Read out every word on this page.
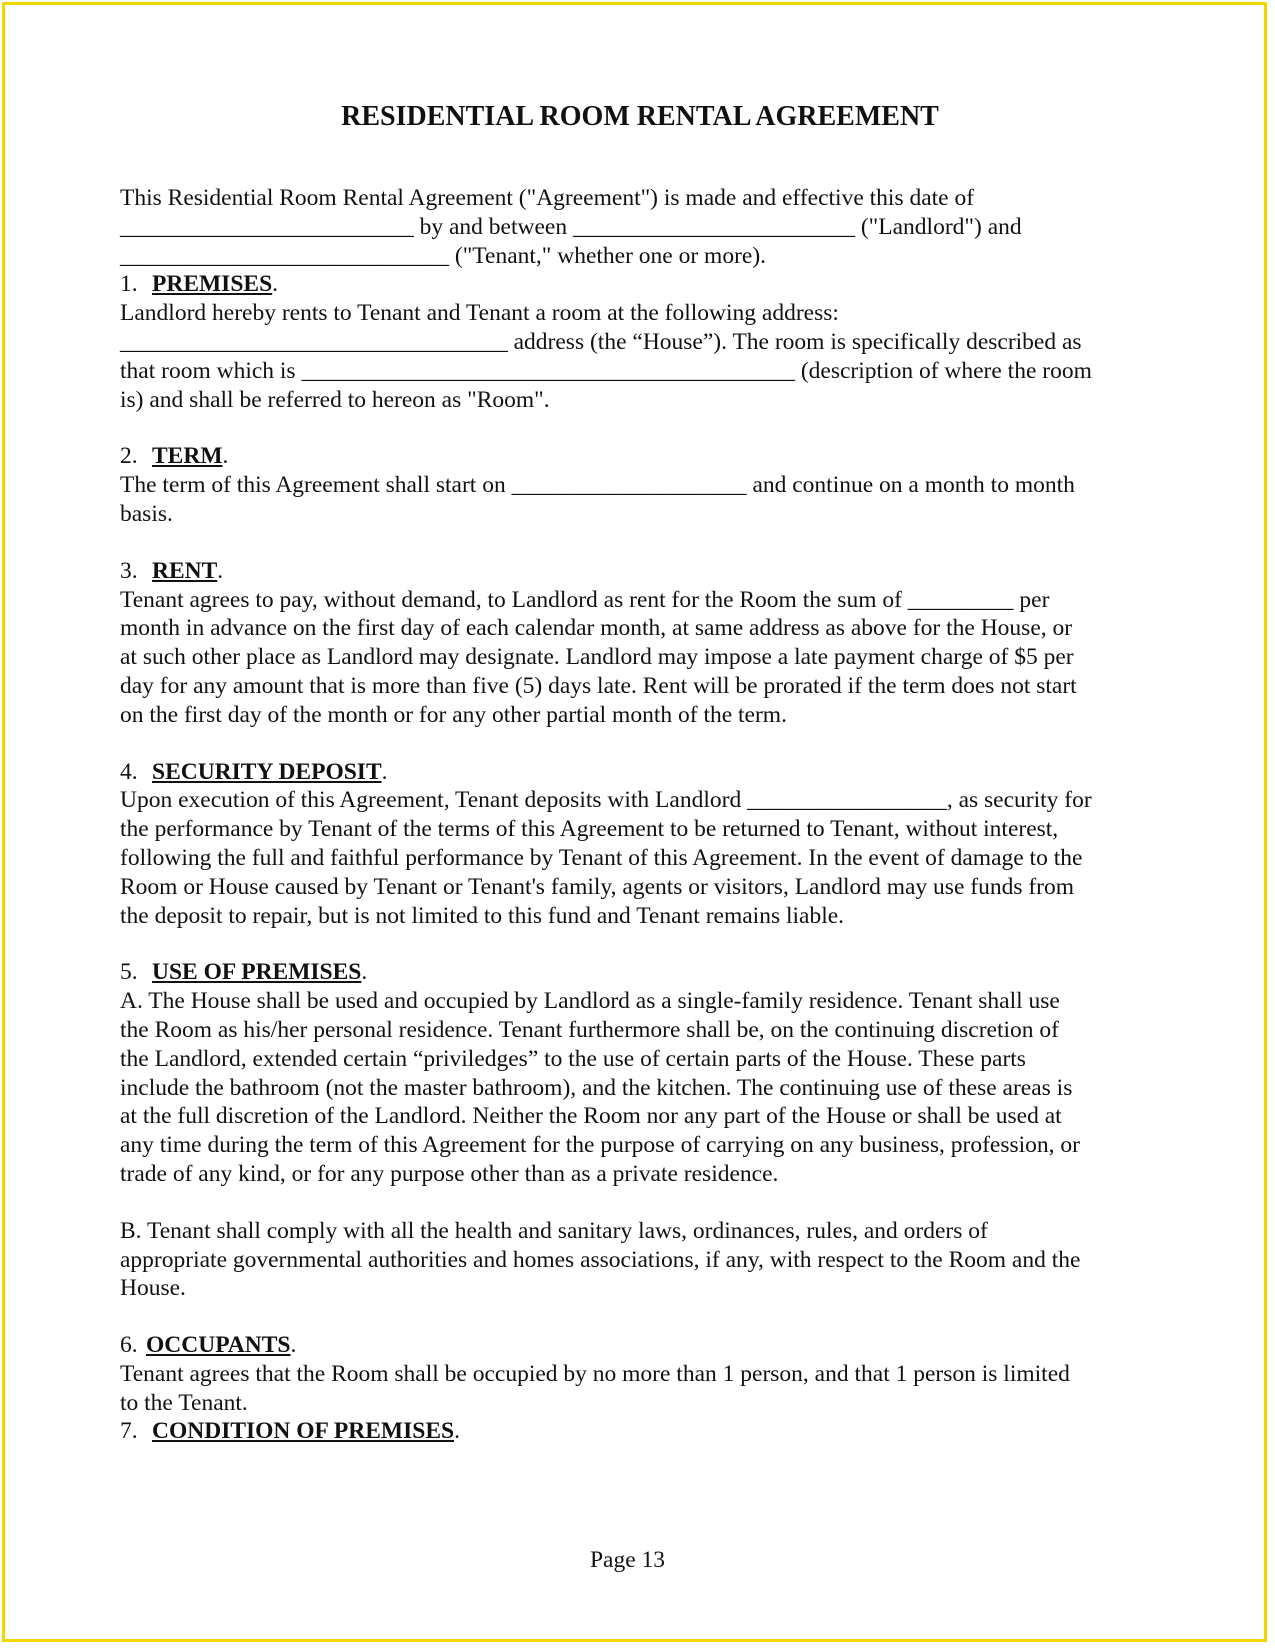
RESIDENTIAL ROOM RENTAL AGREEMENT

This Residential Room Rental Agreement ("Agreement") is made and effective this date of
_________________________ by and between ________________________ ("Landlord") and
____________________________ ("Tenant," whether one or more).

1. PREMISES.

Landlord hereby rents to Tenant and Tenant a room at the following address:
_________________________________ address (the “House”). The room is specifically described as
that room which is __________________________________________ (description of where the room
is) and shall be referred to hereon as "Room".

2. TERM.

The term of this Agreement shall start on ____________________ and continue on a month to month
basis.

3. RENT.

Tenant agrees to pay, without demand, to Landlord as rent for the Room the sum of _________ per
month in advance on the first day of each calendar month, at same address as above for the House, or
at such other place as Landlord may designate. Landlord may impose a late payment charge of $5 per
day for any amount that is more than five (5) days late. Rent will be prorated if the term does not start
on the first day of the month or for any other partial month of the term.

4. SECURITY DEPOSIT.

Upon execution of this Agreement, Tenant deposits with Landlord _________________, as security for
the performance by Tenant of the terms of this Agreement to be returned to Tenant, without interest,
following the full and faithful performance by Tenant of this Agreement. In the event of damage to the
Room or House caused by Tenant or Tenant's family, agents or visitors, Landlord may use funds from
the deposit to repair, but is not limited to this fund and Tenant remains liable.

5. USE OF PREMISES.

A. The House shall be used and occupied by Landlord as a single-family residence. Tenant shall use
the Room as his/her personal residence. Tenant furthermore shall be, on the continuing discretion of
the Landlord, extended certain “priviledges” to the use of certain parts of the House. These parts
include the bathroom (not the master bathroom), and the kitchen. The continuing use of these areas is
at the full discretion of the Landlord. Neither the Room nor any part of the House or shall be used at
any time during the term of this Agreement for the purpose of carrying on any business, profession, or
trade of any kind, or for any purpose other than as a private residence.

B. Tenant shall comply with all the health and sanitary laws, ordinances, rules, and orders of
appropriate governmental authorities and homes associations, if any, with respect to the Room and the
House.

6. OCCUPANTS.

Tenant agrees that the Room shall be occupied by no more than 1 person, and that 1 person is limited
to the Tenant.

7. CONDITION OF PREMISES.

Page 13
